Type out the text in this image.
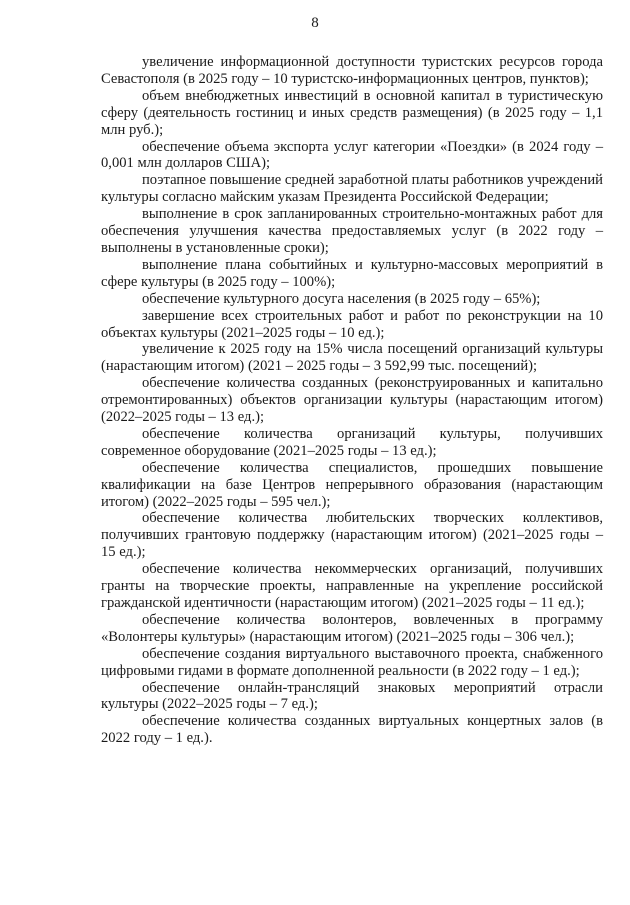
8

увеличение информационной доступности туристских ресурсов города Севастополя (в 2025 году – 10 туристско-информационных центров, пунктов);

объем внебюджетных инвестиций в основной капитал в туристическую сферу (деятельность гостиниц и иных средств размещения) (в 2025 году – 1,1 млн руб.);

обеспечение объема экспорта услуг категории «Поездки» (в 2024 году – 0,001 млн долларов США);

поэтапное повышение средней заработной платы работников учреждений культуры согласно майским указам Президента Российской Федерации;

выполнение в срок запланированных строительно-монтажных работ для обеспечения улучшения качества предоставляемых услуг (в 2022 году – выполнены в установленные сроки);

выполнение плана событийных и культурно-массовых мероприятий в сфере культуры (в 2025 году – 100%);

обеспечение культурного досуга населения (в 2025 году – 65%);

завершение всех строительных работ и работ по реконструкции на 10 объектах культуры (2021–2025 годы – 10 ед.);

увеличение к 2025 году на 15% числа посещений организаций культуры (нарастающим итогом) (2021 – 2025 годы – 3 592,99 тыс. посещений);

обеспечение количества созданных (реконструированных и капитально отремонтированных) объектов организации культуры (нарастающим итогом) (2022–2025 годы – 13 ед.);

обеспечение количества организаций культуры, получивших современное оборудование (2021–2025 годы – 13 ед.);

обеспечение количества специалистов, прошедших повышение квалификации на базе Центров непрерывного образования (нарастающим итогом) (2022–2025 годы – 595 чел.);

обеспечение количества любительских творческих коллективов, получивших грантовую поддержку (нарастающим итогом) (2021–2025 годы – 15 ед.);

обеспечение количества некоммерческих организаций, получивших гранты на творческие проекты, направленные на укрепление российской гражданской идентичности (нарастающим итогом) (2021–2025 годы – 11 ед.);

обеспечение количества волонтеров, вовлеченных в программу «Волонтеры культуры» (нарастающим итогом) (2021–2025 годы – 306 чел.);

обеспечение создания виртуального выставочного проекта, снабженного цифровыми гидами в формате дополненной реальности (в 2022 году – 1 ед.);

обеспечение онлайн-трансляций знаковых мероприятий отрасли культуры (2022–2025 годы – 7 ед.);

обеспечение количества созданных виртуальных концертных залов (в 2022 году – 1 ед.).
